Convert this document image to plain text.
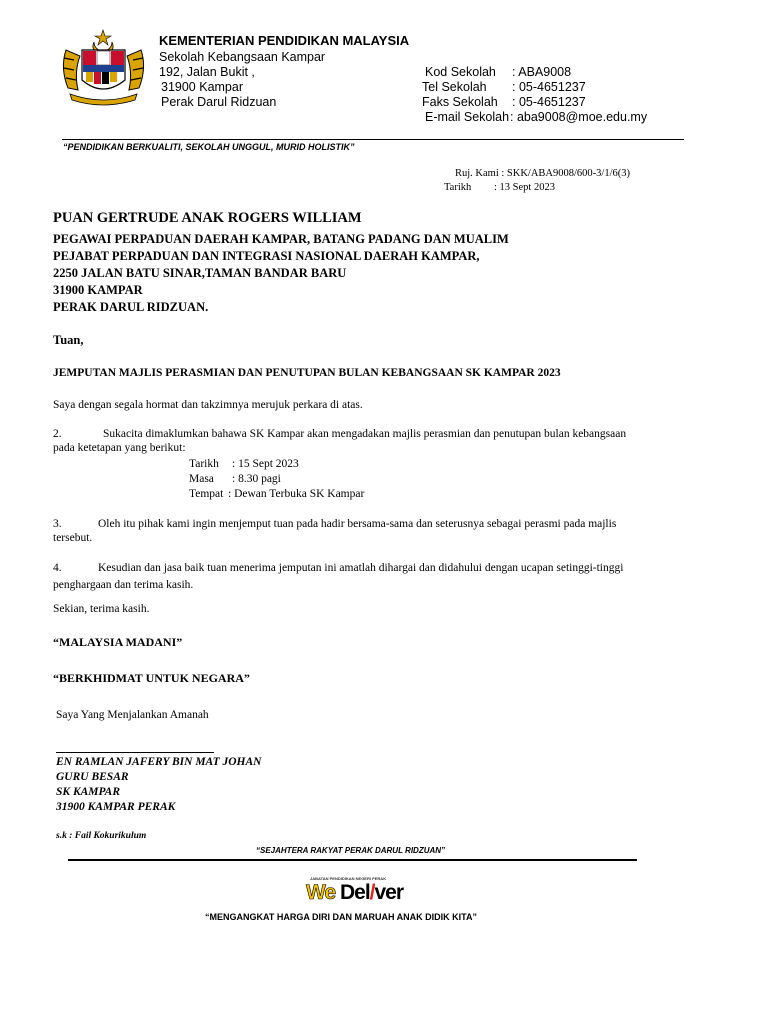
KEMENTERIAN PENDIDIKAN MALAYSIA
Sekolah Kebangsaan Kampar
192, Jalan Bukit ,
31900 Kampar
Perak Darul Ridzuan
Kod Sekolah : ABA9008
Tel Sekolah : 05-4651237
Faks Sekolah : 05-4651237
E-mail Sekolah : aba9008@moe.edu.my
“PENDIDIKAN BERKUALITI, SEKOLAH UNGGUL, MURID HOLISTIK”
Ruj. Kami : SKK/ABA9008/600-3/1/6(3)
Tarikh : 13 Sept 2023
PUAN GERTRUDE ANAK ROGERS WILLIAM
PEGAWAI PERPADUAN DAERAH KAMPAR, BATANG PADANG DAN MUALIM
PEJABAT PERPADUAN DAN INTEGRASI NASIONAL DAERAH KAMPAR,
2250 JALAN BATU SINAR,TAMAN BANDAR BARU
31900 KAMPAR
PERAK DARUL RIDZUAN.
Tuan,
JEMPUTAN MAJLIS PERASMIAN DAN PENUTUPAN BULAN KEBANGSAAN SK KAMPAR 2023
Saya dengan segala hormat dan takzimnya merujuk perkara di atas.
2.	Sukacita dimaklumkan bahawa SK Kampar akan mengadakan majlis perasmian dan penutupan bulan kebangsaan
pada ketetapan yang berikut:
Tarikh : 15 Sept 2023
Masa : 8.30 pagi
Tempat : Dewan Terbuka SK Kampar
3.	Oleh itu pihak kami ingin menjemput tuan pada hadir bersama-sama dan seterusnya sebagai perasmi pada majlis
tersebut.
4.	Kesudian dan jasa baik tuan menerima jemputan ini amatlah dihargai dan didahului dengan ucapan setinggi-tinggi
penghargaan dan terima kasih.
Sekian, terima kasih.
“MALAYSIA MADANI”
“BERKHIDMAT UNTUK NEGARA”
Saya Yang Menjalankan Amanah
EN RAMLAN JAFERY BIN MAT JOHAN
GURU BESAR
SK KAMPAR
31900 KAMPAR PERAK
s.k : Fail Kokurikulum
“SEJAHTERA RAKYAT PERAK DARUL RIDZUAN”
JABATAN PENDIDIKAN NEGERI PERAK
We Del/ver
“MENGANGKAT HARGA DIRI DAN MARUAH ANAK DIDIK KITA”
